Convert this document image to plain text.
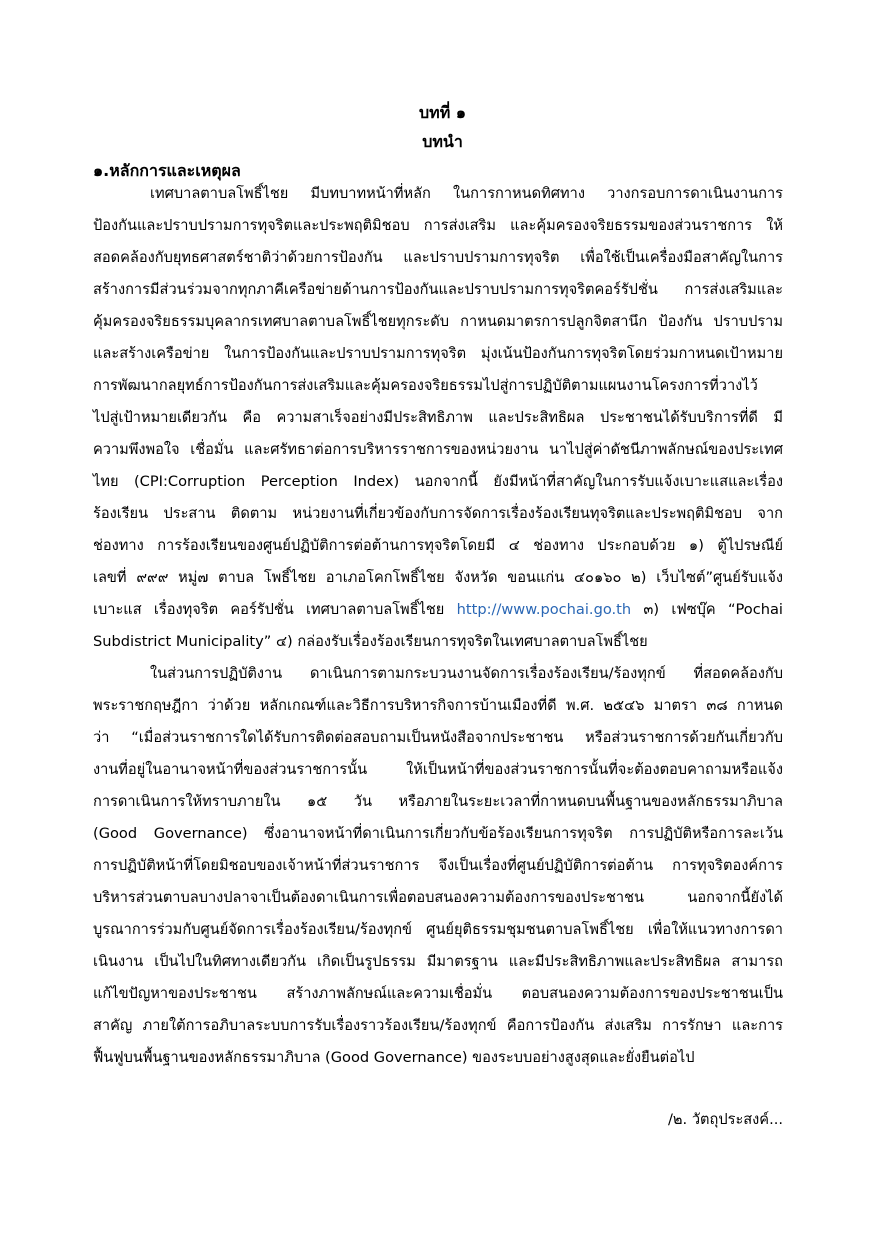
บทที่ ๑
บทนำ
๑.หลักการและเหตุผล
เทศบาลตาบลโพธิ์ไชย มีบทบาทหน้าที่หลัก ในการกาหนดทิศทาง วางกรอบการดาเนินงานการ
ป้องกันและปราบปรามการทุจริตและประพฤติมิชอบ การส่งเสริม และคุ้มครองจริยธรรมของส่วนราชการ ให้
สอดคล้องกับยุทธศาสตร์ชาติว่าด้วยการป้องกัน และปราบปรามการทุจริต เพื่อใช้เป็นเครื่องมือสาคัญในการ
สร้างการมีส่วนร่วมจากทุกภาคีเครือข่ายด้านการป้องกันและปราบปรามการทุจริตคอร์รัปชั่น การส่งเสริมและ
คุ้มครองจริยธรรมบุคลากรเทศบาลตาบลโพธิ์ไชยทุกระดับ กาหนดมาตรการปลูกจิตสานึก ป้องกัน ปราบปราม
และสร้างเครือข่าย ในการป้องกันและปราบปรามการทุจริต มุ่งเน้นป้องกันการทุจริตโดยร่วมกาหนดเป้าหมาย
การพัฒนากลยุทธ์การป้องกันการส่งเสริมและคุ้มครองจริยธรรมไปสู่การปฏิบัติตามแผนงานโครงการที่วางไว้
ไปสู่เป้าหมายเดียวกัน คือ ความสาเร็จอย่างมีประสิทธิภาพ และประสิทธิผล ประชาชนได้รับบริการที่ดี มี
ความพึงพอใจ เชื่อมั่น และศรัทธาต่อการบริหารราชการของหน่วยงาน นาไปสู่ค่าดัชนีภาพลักษณ์ของประเทศ
ไทย (CPI:Corruption Perception Index) นอกจากนี้ ยังมีหน้าที่สาคัญในการรับแจ้งเบาะแสและเรื่อง
ร้องเรียน ประสาน ติดตาม หน่วยงานที่เกี่ยวข้องกับการจัดการเรื่องร้องเรียนทุจริตและประพฤติมิชอบ จาก
ช่องทาง การร้องเรียนของศูนย์ปฏิบัติการต่อต้านการทุจริตโดยมี ๔ ช่องทาง ประกอบด้วย ๑) ตู้ไปรษณีย์
เลขที่ ๙๙๙ หมู่๗ ตาบล โพธิ์ไชย อาเภอโคกโพธิ์ไชย จังหวัด ขอนแก่น ๔๐๑๖๐ ๒) เว็บไซต์”ศูนย์รับแจ้ง
เบาะแส เรื่องทุจริต คอร์รัปชั่น เทศบาลตาบลโพธิ์ไชย http://www.pochai.go.th ๓) เฟซบุ๊ค “Pochai
Subdistrict Municipality” ๔) กล่องรับเรื่องร้องเรียนการทุจริตในเทศบาลตาบลโพธิ์ไชย
ในส่วนการปฏิบัติงาน ดาเนินการตามกระบวนงานจัดการเรื่องร้องเรียน/ร้องทุกข์ ที่สอดคล้องกับ
พระราชกฤษฎีกา ว่าด้วย หลักเกณฑ์และวิธีการบริหารกิจการบ้านเมืองที่ดี พ.ศ. ๒๕๔๖ มาตรา ๓๘ กาหนด
ว่า “เมื่อส่วนราชการใดได้รับการติดต่อสอบถามเป็นหนังสือจากประชาชน หรือส่วนราชการด้วยกันเกี่ยวกับ
งานที่อยู่ในอานาจหน้าที่ของส่วนราชการนั้น ให้เป็นหน้าที่ของส่วนราชการนั้นที่จะต้องตอบคาถามหรือแจ้ง
การดาเนินการให้ทราบภายใน ๑๕ วัน หรือภายในระยะเวลาที่กาหนดบนพื้นฐานของหลักธรรมาภิบาล
(Good Governance) ซึ่งอานาจหน้าที่ดาเนินการเกี่ยวกับข้อร้องเรียนการทุจริต การปฏิบัติหรือการละเว้น
การปฏิบัติหน้าที่โดยมิชอบของเจ้าหน้าที่ส่วนราชการ จึงเป็นเรื่องที่ศูนย์ปฏิบัติการต่อต้าน การทุจริตองค์การ
บริหารส่วนตาบลบางปลาจาเป็นต้องดาเนินการเพื่อตอบสนองความต้องการของประชาชน นอกจากนี้ยังได้
บูรณาการร่วมกับศูนย์จัดการเรื่องร้องเรียน/ร้องทุกข์ ศูนย์ยุติธรรมชุมชนตาบลโพธิ์ไชย เพื่อให้แนวทางการดา
เนินงาน เป็นไปในทิศทางเดียวกัน เกิดเป็นรูปธรรม มีมาตรฐาน และมีประสิทธิภาพและประสิทธิผล สามารถ
แก้ไขปัญหาของประชาชน สร้างภาพลักษณ์และความเชื่อมั่น ตอบสนองความต้องการของประชาชนเป็น
สาคัญ ภายใต้การอภิบาลระบบการรับเรื่องราวร้องเรียน/ร้องทุกข์ คือการป้องกัน ส่งเสริม การรักษา และการ
ฟื้นฟูบนพื้นฐานของหลักธรรมาภิบาล (Good Governance) ของระบบอย่างสูงสุดและยั่งยืนต่อไป
/๒. วัตถุประสงค์...
